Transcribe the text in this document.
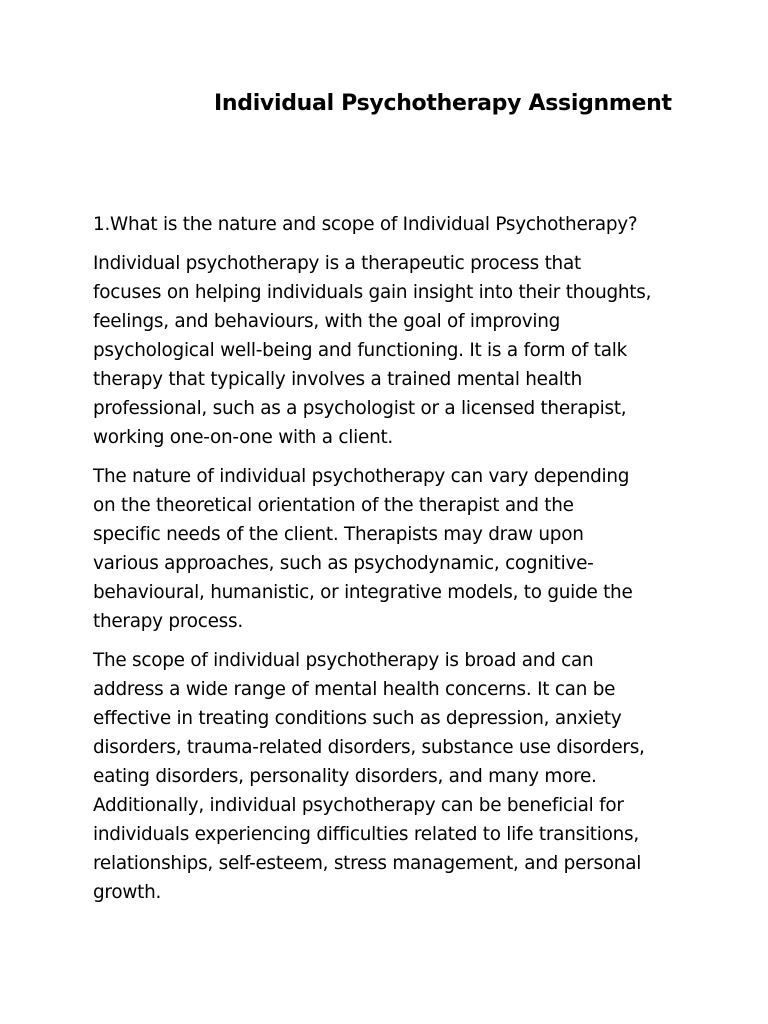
Individual Psychotherapy Assignment

1.What is the nature and scope of Individual Psychotherapy?

Individual psychotherapy is a therapeutic process that
focuses on helping individuals gain insight into their thoughts,
feelings, and behaviours, with the goal of improving
psychological well-being and functioning. It is a form of talk
therapy that typically involves a trained mental health
professional, such as a psychologist or a licensed therapist,
working one-on-one with a client.

The nature of individual psychotherapy can vary depending
on the theoretical orientation of the therapist and the
specific needs of the client. Therapists may draw upon
various approaches, such as psychodynamic, cognitive-
behavioural, humanistic, or integrative models, to guide the
therapy process.

The scope of individual psychotherapy is broad and can
address a wide range of mental health concerns. It can be
effective in treating conditions such as depression, anxiety
disorders, trauma-related disorders, substance use disorders,
eating disorders, personality disorders, and many more.
Additionally, individual psychotherapy can be beneficial for
individuals experiencing difficulties related to life transitions,
relationships, self-esteem, stress management, and personal
growth.
